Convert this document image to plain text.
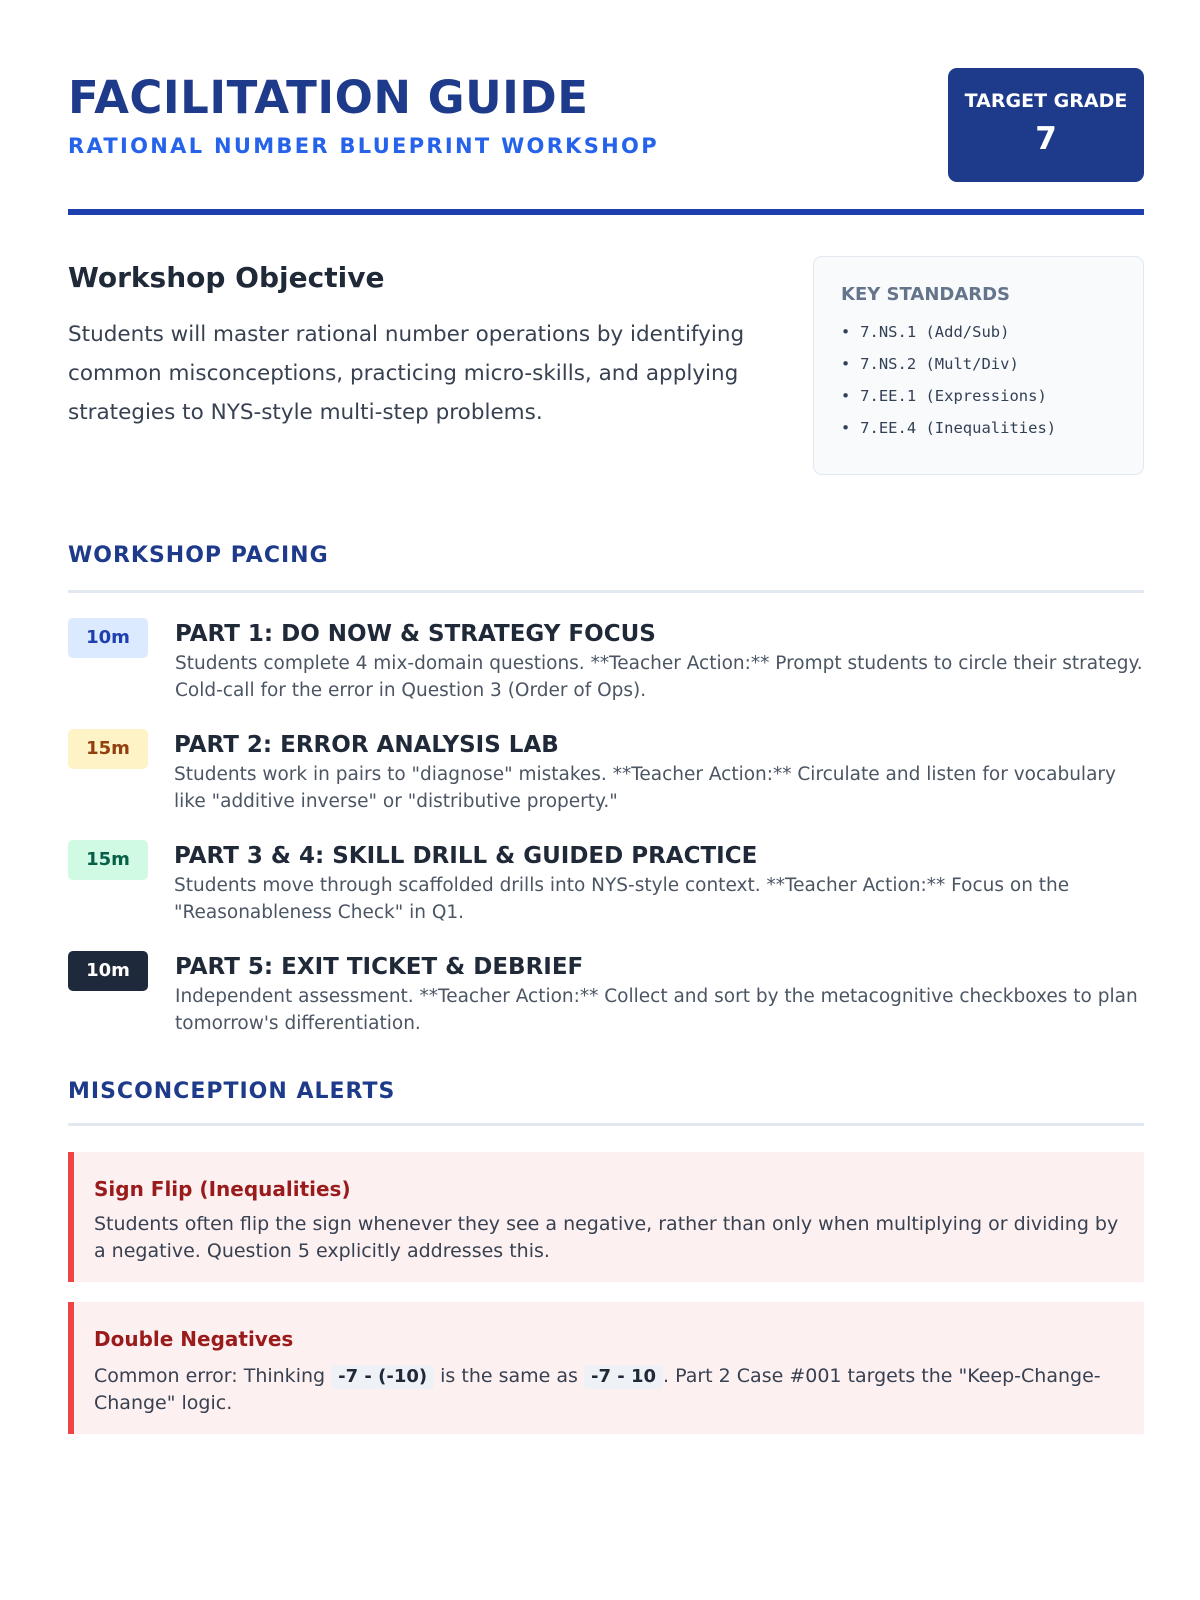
FACILITATION GUIDE
RATIONAL NUMBER BLUEPRINT WORKSHOP
TARGET GRADE
7
Workshop Objective
Students will master rational number operations by identifying common misconceptions, practicing micro-skills, and applying strategies to NYS-style multi-step problems.
KEY STANDARDS
• 7.NS.1 (Add/Sub)
• 7.NS.2 (Mult/Div)
• 7.EE.1 (Expressions)
• 7.EE.4 (Inequalities)
WORKSHOP PACING
10m	PART 1: DO NOW & STRATEGY FOCUS
Students complete 4 mix-domain questions. **Teacher Action:** Prompt students to circle their strategy. Cold-call for the error in Question 3 (Order of Ops).
15m	PART 2: ERROR ANALYSIS LAB
Students work in pairs to "diagnose" mistakes. **Teacher Action:** Circulate and listen for vocabulary like "additive inverse" or "distributive property."
15m	PART 3 & 4: SKILL DRILL & GUIDED PRACTICE
Students move through scaffolded drills into NYS-style context. **Teacher Action:** Focus on the "Reasonableness Check" in Q1.
10m	PART 5: EXIT TICKET & DEBRIEF
Independent assessment. **Teacher Action:** Collect and sort by the metacognitive checkboxes to plan tomorrow's differentiation.
MISCONCEPTION ALERTS
Sign Flip (Inequalities)
Students often flip the sign whenever they see a negative, rather than only when multiplying or dividing by a negative. Question 5 explicitly addresses this.
Double Negatives
Common error: Thinking -7 - (-10) is the same as -7 - 10 . Part 2 Case #001 targets the "Keep-Change-Change" logic.
